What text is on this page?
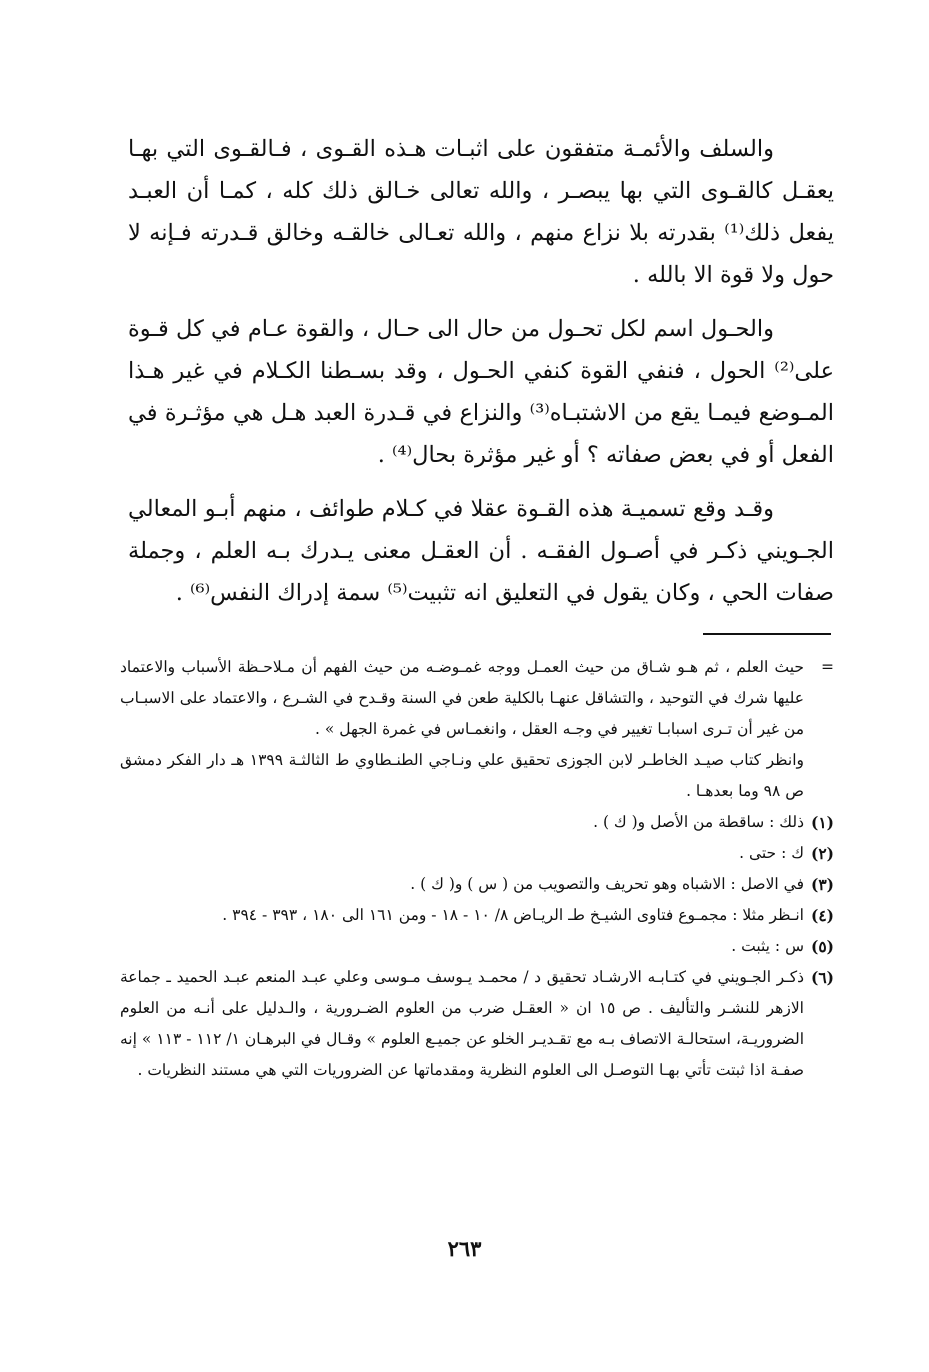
والسلف والأئمـة متفقون على اثبـات هـذه القـوى ، فـالقـوى التي بهـا يعقـل كالقـوى التي بها يبصـر ، والله تعالى خـالق ذلك كله ، كمـا أن العبـد يفعل ذلك⁽¹⁾ بقدرته بلا نزاع منهم ، والله تعـالى خالقـه وخالق قـدرته فـإنه لا حول ولا قوة الا بالله .

والحـول اسم لكل تحـول من حال الى حـال ، والقوة عـام في كل قـوة على⁽²⁾ الحول ، فنفي القوة كنفي الحـول ، وقد بسـطنا الكـلام في غير هـذا المـوضع فيمـا يقع من الاشتبـاه⁽³⁾ والنزاع في قـدرة العبد هـل هي مؤثـرة في الفعل أو في بعض صفاته ؟ أو غير مؤثرة بحال⁽⁴⁾ .

وقـد وقع تسميـة هذه القـوة عقلا في كـلام طوائف ، منهم أبـو المعالي الجـويني ذكـر في أصـول الفقـه . أن العقـل معنى يـدرك بـه العلم ، وجملة صفات الحي ، وكان يقول في التعليق انه تثبيت⁽⁵⁾ سمة إدراك النفس⁽⁶⁾ .

=
حيث العلم ، ثم هـو شـاق من حيث العمـل ووجه غمـوضـه من حيث الفهم أن مـلاحـظة الأسباب والاعتماد عليها شرك في التوحيد ، والتشاقل عنهـا بالكلية طعن في السنة وقـدح في الشـرع ، والاعتماد على الاسبـاب من غير أن تـرى اسبابـا تغيير في وجـه العقل ، وانغمـاس في غمرة الجهل » .
وانظر كتاب صيـد الخاطـر لابن الجوزى تحقيق علي ونـاجي الطنـطاوي ط الثالثـة ١٣٩٩ هـ دار الفكر دمشق ص ٩٨ وما بعدهـا .
(١)
ذلك : ساقطة من الأصل و( ك ) .
(٢)
ك : حتى .
(٣)
في الاصل : الاشباه وهو تحريف والتصويب من ( س ) و( ك ) .
(٤)
انـظر مثلا : مجمـوع فتاوى الشيـخ طـ الريـاض ٨/ ١٠ - ١٨ - ومن ١٦١ الى ١٨٠ ، ٣٩٣ - ٣٩٤ .
(٥)
س : يثبت .
(٦)
ذكـر الجـويني في كتـابـه الارشـاد تحقيق د / محمـد يـوسف مـوسى وعلي عبـد المنعم عبـد الحميد ـ جماعة الازهر للنشـر والتأليف . ص ١٥ ان « العقـل ضرب من العلوم الضـرورية ، والـدليل على أنـه من العلوم الضروريـة، استحالـة الاتصاف بـه مع تقـديـر الخلو عن جميـع العلوم » وقـال في البرهـان ١/ ١١٢ - ١١٣ » إنه صفـة اذا ثبتت تأتي بهـا التوصـل الى العلوم النظرية ومقدماتها عن الضروريات التي هي مستند النظريات .
٢٦٣
